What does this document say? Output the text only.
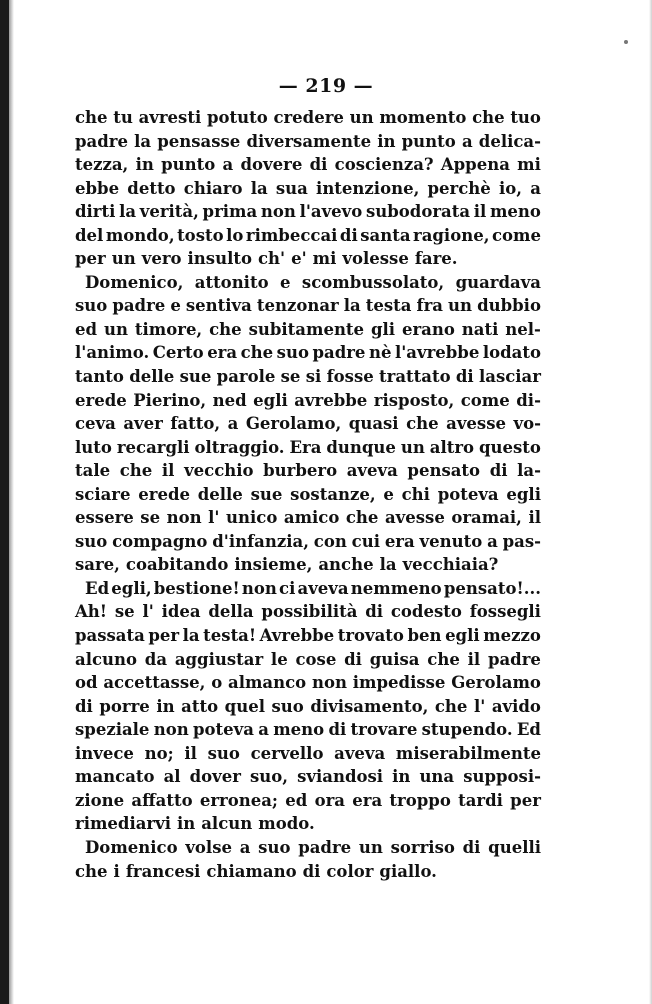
— 219 —
che tu avresti potuto credere un momento che tuo
padre la pensasse diversamente in punto a delica-
tezza, in punto a dovere di coscienza? Appena mi
ebbe detto chiaro la sua intenzione, perchè io, a
dirti la verità, prima non l'avevo subodorata il meno
del mondo, tosto lo rimbeccai di santa ragione, come
per un vero insulto ch' e' mi volesse fare.
Domenico, attonito e scombussolato, guardava
suo padre e sentiva tenzonar la testa fra un dubbio
ed un timore, che subitamente gli erano nati nel-
l'animo. Certo era che suo padre nè l'avrebbe lodato
tanto delle sue parole se si fosse trattato di lasciar
erede Pierino, ned egli avrebbe risposto, come di-
ceva aver fatto, a Gerolamo, quasi che avesse vo-
luto recargli oltraggio. Era dunque un altro questo
tale che il vecchio burbero aveva pensato di la-
sciare erede delle sue sostanze, e chi poteva egli
essere se non l' unico amico che avesse oramai, il
suo compagno d'infanzia, con cui era venuto a pas-
sare, coabitando insieme, anche la vecchiaia?
Ed egli, bestione! non ci aveva nemmeno pensato!...
Ah! se l' idea della possibilità di codesto fossegli
passata per la testa! Avrebbe trovato ben egli mezzo
alcuno da aggiustar le cose di guisa che il padre
od accettasse, o almanco non impedisse Gerolamo
di porre in atto quel suo divisamento, che l' avido
speziale non poteva a meno di trovare stupendo. Ed
invece no; il suo cervello aveva miserabilmente
mancato al dover suo, sviandosi in una supposi-
zione affatto erronea; ed ora era troppo tardi per
rimediarvi in alcun modo.
Domenico volse a suo padre un sorriso di quelli
che i francesi chiamano di color giallo.
